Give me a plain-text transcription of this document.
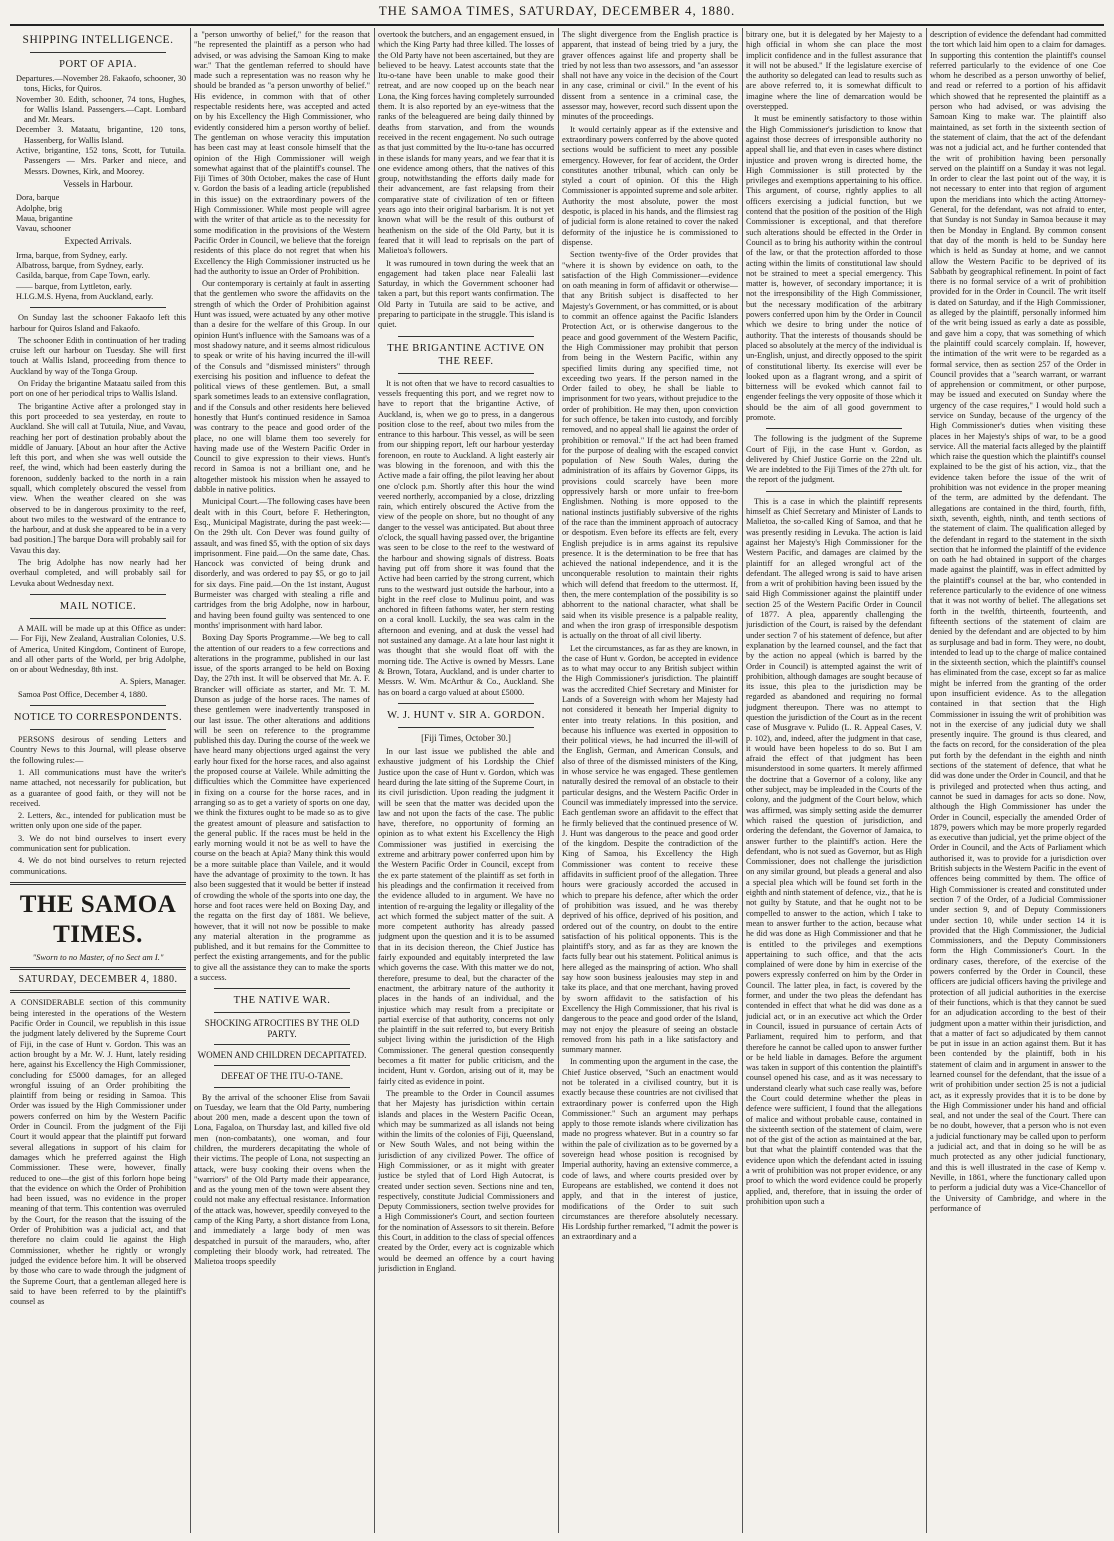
THE SAMOA TIMES, SATURDAY, DECEMBER 4, 1880.
SHIPPING INTELLIGENCE.
PORT OF APIA.
Departures.—November 28. Fakaofo, schooner, 30 tons, Hicks, for Quiros.
November 30. Edith, schooner, 74 tons, Hughes, for Wallis Island. Passengers.—Capt. Lombard and Mr. Mears.
December 3. Mataatu, brigantine, 120 tons, Hassenberg, for Wallis Island.
Active, brigantine, 152 tons, Scott, for Tutuila. Passengers — Mrs. Parker and niece, and Messrs. Downes, Kirk, and Moorey.
Vessels in Harbour.
Dora, barque
Adolphe, brig
Maua, brigantine
Vavau, schooner
Expected Arrivals.
Irma, barque, from Sydney, early.
Albatross, barque, from Sydney, early.
Casilda, barque, from Cape Town, early.
—— barque, from Lyttleton, early.
H.I.G.M.S. Hyena, from Auckland, early.

On Sunday last the schooner Fakaofo left this harbour for Quiros Island and Fakaofo.

The schooner Edith in continuation of her trading cruise left our harbour on Tuesday. She will first touch at Wallis Island, proceeding from thence to Auckland by way of the Tonga Group.

On Friday the brigantine Mataatu sailed from this port on one of her periodical trips to Wallis Island.

The brigantine Active after a prolonged stay in this port proceeded to sea yesterday, en route to Auckland. She will call at Tutuila, Niue, and Vavau, reaching her port of destination probably about the middle of January. [About an hour after the Active left this port, and when she was well outside the reef, the wind, which had been easterly during the forenoon, suddenly backed to the north in a rain squall, which completely obscured the vessel from view. When the weather cleared on she was observed to be in dangerous proximity to the reef, about two miles to the westward of the entrance to the harbour, and at dusk she appeared to be in a very bad position.] The barque Dora will probably sail for Vavau this day.

The brig Adolphe has now nearly had her overhaul completed, and will probably sail for Levuka about Wednesday next.

MAIL NOTICE.

A MAIL will be made up at this Office as under:— For Fiji, New Zealand, Australian Colonies, U.S. of America, United Kingdom, Continent of Europe, and all other parts of the World, per brig Adolphe, on or about Wednesday, 8th inst.

A. Spiers, Manager.

Samoa Post Office, December 4, 1880.

NOTICE TO CORRESPONDENTS.

PERSONS desirous of sending Letters and Country News to this Journal, will please observe the following rules:—

1. All communications must have the writer's name attached, not necessarily for publication, but as a guarantee of good faith, or they will not be received.

2. Letters, &c., intended for publication must be written only upon one side of the paper.

3. We do not bind ourselves to insert every communication sent for publication.

4. We do not bind ourselves to return rejected communications.

THE SAMOA TIMES.
"Sworn to no Master, of no Sect am I."
SATURDAY, DECEMBER 4, 1880.

A CONSIDERABLE section of this community being interested in the operations of the Western Pacific Order in Council, we republish in this issue the judgment lately delivered by the Supreme Court of Fiji, in the case of Hunt v. Gordon. This was an action brought by a Mr. W. J. Hunt, lately residing here, against his Excellency the High Commissioner, concluding for £5000 damages, for an alleged wrongful issuing of an Order prohibiting the plaintiff from being or residing in Samoa. This Order was issued by the High Commissioner under powers conferred on him by the Western Pacific Order in Council. From the judgment of the Fiji Court it would appear that the plaintiff put forward several allegations in support of his claim for damages which he preferred against the High Commissioner. These were, however, finally reduced to one—the gist of this forlorn hope being that the evidence on which the Order of Prohibition had been issued, was no evidence in the proper meaning of that term. This contention was overruled by the Court, for the reason that the issuing of the Order of Prohibition was a judicial act, and that therefore no claim could lie against the High Commissioner, whether he rightly or wrongly judged the evidence before him. It will be observed by those who care to wade through the judgment of the Supreme Court, that a gentleman alleged here is said to have been referred to by the plaintiff's counsel as

a "person unworthy of belief," for the reason that "he represented the plaintiff as a person who had advised, or was advising the Samoan King to make war." That the gentleman referred to should have made such a representation was no reason why he should be branded as "a person unworthy of belief." His evidence, in common with that of other respectable residents here, was accepted and acted on by his Excellency the High Commissioner, who evidently considered him a person worthy of belief. The gentleman on whose veracity this imputation has been cast may at least console himself that the opinion of the High Commissioner will weigh somewhat against that of the plaintiff's counsel. The Fiji Times of 30th October, makes the case of Hunt v. Gordon the basis of a leading article (republished in this issue) on the extraordinary powers of the High Commissioner. While most people will agree with the writer of that article as to the necessity for some modification in the provisions of the Western Pacific Order in Council, we believe that the foreign residents of this place do not regret that when his Excellency the High Commissioner instructed us he had the authority to issue an Order of Prohibition.

Our contemporary is certainly at fault in asserting that the gentlemen who swore the affidavits on the strength of which the Order of Prohibition against Hunt was issued, were actuated by any other motive than a desire for the welfare of this Group. In our opinion Hunt's influence with the Samoans was of a most shadowy nature, and it seems almost ridiculous to speak or write of his having incurred the ill-will of the Consuls and "dismissed ministers" through exercising his position and influence to defeat the political views of these gentlemen. But, a small spark sometimes leads to an extensive conflagration, and if the Consuls and other residents here believed honestly that Hunt's continued residence in Samoa was contrary to the peace and good order of the place, no one will blame them too severely for having made use of the Western Pacific Order in Council to give expression to their views. Hunt's record in Samoa is not a brilliant one, and he altogether mistook his mission when he assayed to dabble in native politics.

Municipal Court.—The following cases have been dealt with in this Court, before F. Hetherington, Esq., Municipal Magistrate, during the past week:—On the 29th ult. Con Dever was found guilty of assault, and was fined $5, with the option of six days imprisonment. Fine paid.—On the same date, Chas. Hancock was convicted of being drunk and disorderly, and was ordered to pay $5, or go to jail for six days. Fine paid.—On the 1st instant, August Burmeister was charged with stealing a rifle and cartridges from the brig Adolphe, now in harbour, and having been found guilty was sentenced to one months' imprisonment with hard labor.

Boxing Day Sports Programme.—We beg to call the attention of our readers to a few corrections and alterations in the programme, published in our last issue, of the sports arranged to be held on Boxing Day, the 27th inst. It will be observed that Mr. A. F. Brancker will officiate as starter, and Mr. T. M. Dunson as judge of the horse races. The names of these gentlemen were inadvertently transposed in our last issue. The other alterations and additions will be seen on reference to the programme published this day. During the course of the week we have heard many objections urged against the very early hour fixed for the horse races, and also against the proposed course at Vailele. While admitting the difficulties which the Committee have experienced in fixing on a course for the horse races, and in arranging so as to get a variety of sports on one day, we think the fixtures ought to be made so as to give the greatest amount of pleasure and satisfaction to the general public. If the races must be held in the early morning would it not be as well to have the course on the beach at Apia? Many think this would be a more suitable place than Vailele, and it would have the advantage of proximity to the town. It has also been suggested that it would be better if instead of crowding the whole of the sports into one day, the horse and foot races were held on Boxing Day, and the regatta on the first day of 1881. We believe, however, that it will not now be possible to make any material alteration in the programme as published, and it but remains for the Committee to perfect the existing arrangements, and for the public to give all the assistance they can to make the sports a success.

THE NATIVE WAR.
SHOCKING ATROCITIES BY THE OLD PARTY.
WOMEN AND CHILDREN DECAPITATED.
DEFEAT OF THE ITU-O-TANE.

By the arrival of the schooner Elise from Savaii on Tuesday, we learn that the Old Party, numbering about 200 men, made a descent upon the town of Lona, Fagaloa, on Thursday last, and killed five old men (non-combatants), one woman, and four children, the murderers decapitating the whole of their victims. The people of Lona, not suspecting an attack, were busy cooking their ovens when the "warriors" of the Old Party made their appearance, and as the young men of the town were absent they could not make any effectual resistance. Information of the attack was, however, speedily conveyed to the camp of the King Party, a short distance from Lona, and immediately a large body of men was despatched in pursuit of the marauders, who, after completing their bloody work, had retreated. The Malietoa troops speedily

overtook the butchers, and an engagement ensued, in which the King Party had three killed. The losses of the Old Party have not been ascertained, but they are believed to be heavy. Latest accounts state that the Itu-o-tane have been unable to make good their retreat, and are now cooped up on the beach near Lona, the King forces having completely surrounded them. It is also reported by an eye-witness that the ranks of the beleaguered are being daily thinned by deaths from starvation, and from the wounds received in the recent engagement. No such outrage as that just committed by the Itu-o-tane has occurred in these islands for many years, and we fear that it is one evidence among others, that the natives of this group, notwithstanding the efforts daily made for their advancement, are fast relapsing from their comparative state of civilization of ten or fifteen years ago into their original barbarism. It is not yet known what will be the result of this outburst of heathenism on the side of the Old Party, but it is feared that it will lead to reprisals on the part of Malietoa's followers.

It was rumoured in town during the week that an engagement had taken place near Falealii last Saturday, in which the Government schooner had taken a part, but this report wants confirmation. The Old Party in Tutuila are said to be active, and preparing to participate in the struggle. This island is quiet.

THE BRIGANTINE ACTIVE ON THE REEF.

It is not often that we have to record casualties to vessels frequenting this port, and we regret now to have to report that the brigantine Active, of Auckland, is, when we go to press, in a dangerous position close to the reef, about two miles from the entrance to this harbour. This vessel, as will be seen from our shipping report, left our harbour yesterday forenoon, en route to Auckland. A light easterly air was blowing in the forenoon, and with this the Active made a fair offing, the pilot leaving her about one o'clock p.m. Shortly after this hour the wind veered northerly, accompanied by a close, drizzling rain, which entirely obscured the Active from the view of the people on shore, but no thought of any danger to the vessel was anticipated. But about three o'clock, the squall having passed over, the brigantine was seen to be close to the reef to the westward of the harbour and showing signals of distress. Boats having put off from shore it was found that the Active had been carried by the strong current, which runs to the westward just outside the harbour, into a bight in the reef close to Mulinuu point, and was anchored in fifteen fathoms water, her stern resting on a coral knoll. Luckily, the sea was calm in the afternoon and evening, and at dusk the vessel had not sustained any damage. At a late hour last night it was thought that she would float off with the morning tide. The Active is owned by Messrs. Lane & Brown, Totara, Auckland, and is under charter to Messrs. W. Wm. McArthur & Co., Auckland. She has on board a cargo valued at about £5000.

W. J. HUNT v. SIR A. GORDON.
[Fiji Times, October 30.]

In our last issue we published the able and exhaustive judgment of his Lordship the Chief Justice upon the case of Hunt v. Gordon, which was heard during the late sitting of the Supreme Court, in its civil jurisdiction. Upon reading the judgment it will be seen that the matter was decided upon the law and not upon the facts of the case. The public have, therefore, no opportunity of forming an opinion as to what extent his Excellency the High Commissioner was justified in exercising the extreme and arbitrary power conferred upon him by the Western Pacific Order in Council, except from the ex parte statement of the plaintiff as set forth in his pleadings and the confirmation it received from the evidence alluded to in argument. We have no intention of re-arguing the legality or illegality of the act which formed the subject matter of the suit. A more competent authority has already passed judgment upon the question and it is to be assumed that in its decision thereon, the Chief Justice has fairly expounded and equitably interpreted the law which governs the case. With this matter we do not, therefore, presume to deal, but the character of the enactment, the arbitrary nature of the authority it places in the hands of an individual, and the injustice which may result from a precipitate or partial exercise of that authority, concerns not only the plaintiff in the suit referred to, but every British subject living within the jurisdiction of the High Commissioner. The general question consequently becomes a fit matter for public criticism, and the incident, Hunt v. Gordon, arising out of it, may be fairly cited as evidence in point.

The preamble to the Order in Council assumes that her Majesty has jurisdiction within certain islands and places in the Western Pacific Ocean, which may be summarized as all islands not being within the limits of the colonies of Fiji, Queensland, or New South Wales, and not being within the jurisdiction of any civilized Power. The office of High Commissioner, or as it might with greater justice be styled that of Lord High Autocrat, is created under section seven. Sections nine and ten, respectively, constitute Judicial Commissioners and Deputy Commissioners, section twelve provides for a High Commissioner's Court, and section fourteen for the nomination of Assessors to sit therein. Before this Court, in addition to the class of special offences created by the Order, every act is cognizable which would be deemed an offence by a court having jurisdiction in England.

The slight divergence from the English practice is apparent, that instead of being tried by a jury, the graver offences against life and property shall be tried by not less than two assessors, and "an assessor shall not have any voice in the decision of the Court in any case, criminal or civil." In the event of his dissent from a sentence in a criminal case, the assessor may, however, record such dissent upon the minutes of the proceedings.

It would certainly appear as if the extensive and extraordinary powers conferred by the above quoted sections would be sufficient to meet any possible emergency. However, for fear of accident, the Order constitutes another tribunal, which can only be styled a court of opinion. Of this the High Commissioner is appointed supreme and sole arbiter. Authority the most absolute, power the most despotic, is placed in his hands, and the flimsiest rag of judicial form is alone retained to cover the naked deformity of the injustice he is commissioned to dispense.

Section twenty-five of the Order provides that "where it is shown by evidence on oath, to the satisfaction of the High Commissioner—evidence on oath meaning in form of affidavit or otherwise—that any British subject is disaffected to her Majesty's Government, or has committed, or is about to commit an offence against the Pacific Islanders Protection Act, or is otherwise dangerous to the peace and good government of the Western Pacific, the High Commissioner may prohibit that person from being in the Western Pacific, within any specified limits during any specified time, not exceeding two years. If the person named in the Order failed to obey, he shall be liable to imprisonment for two years, without prejudice to the order of prohibition. He may then, upon conviction for such offence, be taken into custody, and forcibly removed, and no appeal shall lie against the order of prohibition or removal." If the act had been framed for the purpose of dealing with the escaped convict population of New South Wales, during the administration of its affairs by Governor Gipps, its provisions could scarcely have been more oppressively harsh or more unfair to free-born Englishmen. Nothing is more opposed to the national instincts justifiably subversive of the rights of the race than the imminent approach of autocracy or despotism. Even before its effects are felt, every English prejudice is in arms against its repulsive presence. It is the determination to be free that has achieved the national independence, and it is the unconquerable resolution to maintain their rights which will defend that freedom to the uttermost. If, then, the mere contemplation of the possibility is so abhorrent to the national character, what shall be said when its visible presence is a palpable reality, and when the iron grasp of irresponsible despotism is actually on the throat of all civil liberty.

Let the circumstances, as far as they are known, in the case of Hunt v. Gordon, be accepted in evidence as to what may occur to any British subject within the High Commissioner's jurisdiction. The plaintiff was the accredited Chief Secretary and Minister for Lands of a Sovereign with whom her Majesty had not considered it beneath her Imperial dignity to enter into treaty relations. In this position, and because his influence was exerted in opposition to their political views, he had incurred the ill-will of the English, German, and American Consuls, and also of three of the dismissed ministers of the King, in whose service he was engaged. These gentlemen naturally desired the removal of an obstacle to their particular designs, and the Western Pacific Order in Council was immediately impressed into the service. Each gentleman swore an affidavit to the effect that he firmly believed that the continued presence of W. J. Hunt was dangerous to the peace and good order of the kingdom. Despite the contradiction of the King of Samoa, his Excellency the High Commissioner was content to receive these affidavits in sufficient proof of the allegation. Three hours were graciously accorded the accused in which to prepare his defence, after which the order of prohibition was issued, and he was thereby deprived of his office, deprived of his position, and ordered out of the country, on doubt to the entire satisfaction of his political opponents. This is the plaintiff's story, and as far as they are known the facts fully bear out his statement. Political animus is here alleged as the mainspring of action. Who shall say how soon business jealousies may step in and take its place, and that one merchant, having proved by sworn affidavit to the satisfaction of his Excellency the High Commissioner, that his rival is dangerous to the peace and good order of the Island, may not enjoy the pleasure of seeing an obstacle removed from his path in a like satisfactory and summary manner.

In commenting upon the argument in the case, the Chief Justice observed, "Such an enactment would not be tolerated in a civilised country, but it is exactly because these countries are not civilised that extraordinary power is conferred upon the High Commissioner." Such an argument may perhaps apply to those remote islands where civilization has made no progress whatever. But in a country so far within the pale of civilization as to be governed by a sovereign head whose position is recognised by Imperial authority, having an extensive commerce, a code of laws, and where courts presided over by Europeans are established, we contend it does not apply, and that in the interest of justice, modifications of the Order to suit such circumstances are therefore absolutely necessary. His Lordship further remarked, "I admit the power is an extraordinary and a

bitrary one, but it is delegated by her Majesty to a high official in whom she can place the most implicit confidence and in the fullest assurance that it will not be abused." If the legislature exercise of the authority so delegated can lead to results such as are above referred to, it is somewhat difficult to imagine where the line of demarcation would be overstepped.

It must be eminently satisfactory to those within the High Commissioner's jurisdiction to know that against those decrees of irresponsible authority no appeal shall lie, and that even in cases where distinct injustice and proven wrong is directed home, the High Commissioner is still protected by the privileges and exemptions appertaining to his office. This argument, of course, rightly applies to all officers exercising a judicial function, but we contend that the position of the position of the High Commissioner is exceptional, and that therefore such alterations should be effected in the Order in Council as to bring his authority within the controul of the law, or that the protection afforded to those acting within the limits of constitutional law should not be strained to meet a special emergency. This matter is, however, of secondary importance; it is not the irresponsibility of the High Commissioner, but the necessary modification of the arbitrary powers conferred upon him by the Order in Council which we desire to bring under the notice of authority. That the interests of thousands should be placed so absolutely at the mercy of the individual is un-English, unjust, and directly opposed to the spirit of constitutional liberty. Its exercise will ever be looked upon as a flagrant wrong, and a spirit of bitterness will be evoked which cannot fail to engender feelings the very opposite of those which it should be the aim of all good government to promote.

The following is the judgment of the Supreme Court of Fiji, in the case Hunt v. Gordon, as delivered by Chief Justice Gorrie on the 22nd ult. We are indebted to the Fiji Times of the 27th ult. for the report of the judgment.

This is a case in which the plaintiff represents himself as Chief Secretary and Minister of Lands to Malietoa, the so-called King of Samoa, and that he was presently residing in Levuka. The action is laid against her Majesty's High Commissioner for the Western Pacific, and damages are claimed by the plaintiff for an alleged wrongful act of the defendant. The alleged wrong is said to have arisen from a writ of prohibition having been issued by the said High Commissioner against the plaintiff under section 25 of the Western Pacific Order in Council of 1877. A plea, apparently challenging the jurisdiction of the Court, is raised by the defendant under section 7 of his statement of defence, but after explanation by the learned counsel, and the fact that by the action no appeal (which is barred by the Order in Council) is attempted against the writ of prohibition, although damages are sought because of its issue, this plea to the jurisdiction may be regarded as abandoned and requiring no formal judgment thereupon. There was no attempt to question the jurisdiction of the Court as in the recent case of Musgrave v. Pulido (L. R. Appeal Cases, V. p. 102), and, indeed, after the judgment in that case, it would have been hopeless to do so. But I am afraid the effect of that judgment has been misunderstood in some quarters. It merely affirmed the doctrine that a Governor of a colony, like any other subject, may be impleaded in the Courts of the colony, and the judgment of the Court below, which was affirmed, was simply setting aside the demurrer which raised the question of jurisdiction, and ordering the defendant, the Governor of Jamaica, to answer further to the plaintiff's action. Here the defendant, who is not sued as Governor, but as High Commissioner, does not challenge the jurisdiction on any similar ground, but pleads a general and also a special plea which will be found set forth in the eighth and ninth statement of defence, viz., that he is not guilty by Statute, and that he ought not to be compelled to answer to the action, which I take to mean to answer further to the action, because what he did was done as High Commissioner and that he is entitled to the privileges and exemptions appertaining to such office, and that the acts complained of were done by him in exercise of the powers expressly conferred on him by the Order in Council. The latter plea, in fact, is covered by the former, and under the two pleas the defendant has contended in effect that what he did was done as a judicial act, or in an executive act which the Order in Council, issued in pursuance of certain Acts of Parliament, required him to perform, and that therefore he cannot be called upon to answer further or be held liable in damages. Before the argument was taken in support of this contention the plaintiff's counsel opened his case, and as it was necessary to understand clearly what such case really was, before the Court could determine whether the pleas in defence were sufficient, I found that the allegations of malice and without probable cause, contained in the sixteenth section of the statement of claim, were not of the gist of the action as maintained at the bar, but that what the plaintiff contended was that the evidence upon which the defendant acted in issuing a writ of prohibition was not proper evidence, or any proof to which the word evidence could be properly applied, and, therefore, that in issuing the order of prohibition upon such a

description of evidence the defendant had committed the tort which laid him open to a claim for damages. In supporting this contention the plaintiff's counsel referred particularly to the evidence of one Coe whom he described as a person unworthy of belief, and read or referred to a portion of his affidavit which showed that he represented the plaintiff as a person who had advised, or was advising the Samoan King to make war. The plaintiff also maintained, as set forth in the sixteenth section of the statement of claim, that the act of the defendant was not a judicial act, and he further contended that the writ of prohibition having been personally served on the plaintiff on a Sunday it was not legal. In order to clear the last point out of the way, it is not necessary to enter into that region of argument upon the meridians into which the acting Attorney-General, for the defendant, was not afraid to enter, that Sunday is not Sunday in Samoa because it may then be Monday in England. By common consent that day of the month is held to be Sunday here which is held as Sunday at home, and we cannot allow the Western Pacific to be deprived of its Sabbath by geographical refinement. In point of fact there is no formal service of a writ of prohibition provided for in the Order in Council. The writ itself is dated on Saturday, and if the High Commissioner, as alleged by the plaintiff, personally informed him of the writ being issued as early a date as possible, and gave him a copy, that was something of which the plaintiff could scarcely complain. If, however, the intimation of the writ were to be regarded as a formal service, then as section 257 of the Order in Council provides that a "search warrant, or warrant of apprehension or commitment, or other purpose, may be issued and executed on Sunday where the urgency of the case requires," I would hold such a service on Sunday, because of the urgency of the High Commissioner's duties when visiting these places in her Majesty's ships of war, to be a good service. All the material facts alleged by the plaintiff which raise the question which the plaintiff's counsel explained to be the gist of his action, viz., that the evidence taken before the issue of the writ of prohibition was not evidence in the proper meaning of the term, are admitted by the defendant. The allegations are contained in the third, fourth, fifth, sixth, seventh, eighth, ninth, and tenth sections of the statement of claim. The qualification alleged by the defendant in regard to the statement in the sixth section that he informed the plaintiff of the evidence on oath he had obtained in support of the charges made against the plaintiff, was in effect admitted by the plaintiff's counsel at the bar, who contended in reference particularly to the evidence of one witness that it was not worthy of belief. The allegations set forth in the twelfth, thirteenth, fourteenth, and fifteenth sections of the statement of claim are denied by the defendant and are objected to by him as surplusage and bad in form. They were, no doubt, intended to lead up to the charge of malice contained in the sixteenth section, which the plaintiff's counsel has eliminated from the case, except so far as malice might be inferred from the granting of the order upon insufficient evidence. As to the allegation contained in that section that the High Commissioner in issuing the writ of prohibition was not in the exercise of any judicial duty we shall presently inquire. The ground is thus cleared, and the facts on record, for the consideration of the plea put forth by the defendant in the eighth and ninth sections of the statement of defence, that what he did was done under the Order in Council, and that he is privileged and protected when thus acting, and cannot be sued in damages for acts so done. Now, although the High Commissioner has under the Order in Council, especially the amended Order of 1879, powers which may be more properly regarded as executive than judicial, yet the prime object of the Order in Council, and the Acts of Parliament which authorised it, was to provide for a jurisdiction over British subjects in the Western Pacific in the event of offences being committed by them. The office of High Commissioner is created and constituted under section 7 of the Order, of a Judicial Commissioner under section 9, and of Deputy Commissioners under section 10, while under section 14 it is provided that the High Commissioner, the Judicial Commissioners, and the Deputy Commissioners form the High Commissioner's Court. In the ordinary cases, therefore, of the exercise of the powers conferred by the Order in Council, these officers are judicial officers having the privilege and protection of all judicial authorities in the exercise of their functions, which is that they cannot be sued for an adjudication according to the best of their judgment upon a matter within their jurisdiction, and that a matter of fact so adjudicated by them cannot be put in issue in an action against them. But it has been contended by the plaintiff, both in his statement of claim and in argument in answer to the learned counsel for the defendant, that the issue of a writ of prohibition under section 25 is not a judicial act, as it expressly provides that it is to be done by the High Commissioner under his hand and official seal, and not under the seal of the Court. There can be no doubt, however, that a person who is not even a judicial functionary may be called upon to perform a judicial act, and that in doing so he will be as much protected as any other judicial functionary, and this is well illustrated in the case of Kemp v. Neville, in 1861, where the functionary called upon to perform a judicial duty was a Vice-Chancellor of the University of Cambridge, and where in the performance of
